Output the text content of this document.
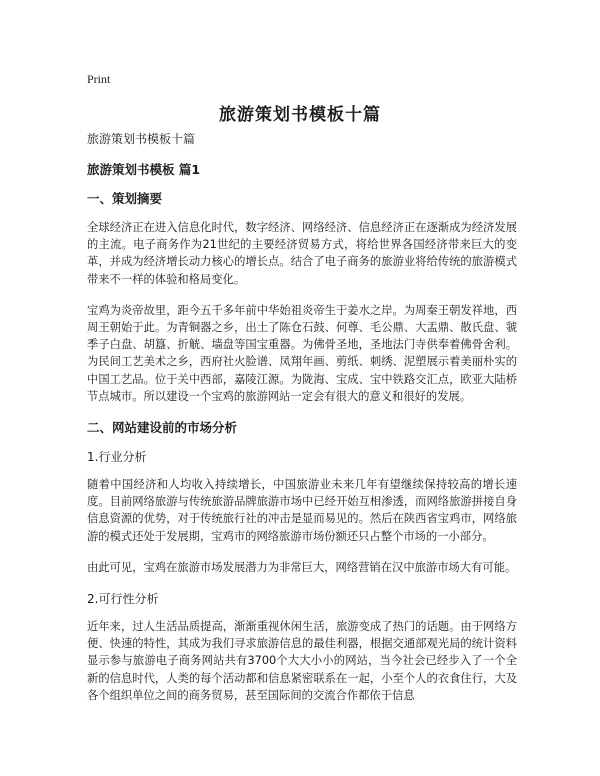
Print
旅游策划书模板十篇

旅游策划书模板十篇

旅游策划书模板 篇1

一、策划摘要

全球经济正在进入信息化时代，数字经济、网络经济、信息经济正在逐渐成为经济发展的主流。电子商务作为21世纪的主要经济贸易方式，将给世界各国经济带来巨大的变革，并成为经济增长动力核心的增长点。结合了电子商务的旅游业将给传统的旅游模式带来不一样的体验和格局变化。

宝鸡为炎帝故里，距今五千多年前中华始祖炎帝生于姜水之岸。为周秦王朝发祥地，西周王朝始于此。为青铜器之乡，出土了陈仓石鼓、何尊、毛公鼎、大盂鼎、散氏盘、虢季子白盘、胡簋、折觥、墙盘等国宝重器。为佛骨圣地，圣地法门寺供奉着佛骨舍利。为民间工艺美术之乡，西府社火脸谱、凤翔年画、剪纸、刺绣、泥塑展示着美丽朴实的中国工艺品。位于关中西部，嘉陵江源。为陇海、宝成、宝中铁路交汇点，欧亚大陆桥节点城市。所以建设一个宝鸡的旅游网站一定会有很大的意义和很好的发展。

二、网站建设前的市场分析

1.行业分析

随着中国经济和人均收入持续增长，中国旅游业未来几年有望继续保持较高的增长速度。目前网络旅游与传统旅游品牌旅游市场中已经开始互相渗透，而网络旅游拼接自身信息资源的优势，对于传统旅行社的冲击是显而易见的。然后在陕西省宝鸡市，网络旅游的模式还处于发展期，宝鸡市的网络旅游市场份额还只占整个市场的一小部分。

由此可见，宝鸡在旅游市场发展潜力为非常巨大，网络营销在汉中旅游市场大有可能。

2.可行性分析

近年来，过人生活品质提高，渐渐重视休闲生活，旅游变成了热门的话题。由于网络方便、快速的特性，其成为我们寻求旅游信息的最佳利器，根据交通部观光局的统计资料显示参与旅游电子商务网站共有3700个大大小小的网站，当今社会已经步入了一个全新的信息时代，人类的每个活动都和信息紧密联系在一起，小至个人的衣食住行，大及各个组织单位之间的商务贸易，甚至国际间的交流合作都依于信息
